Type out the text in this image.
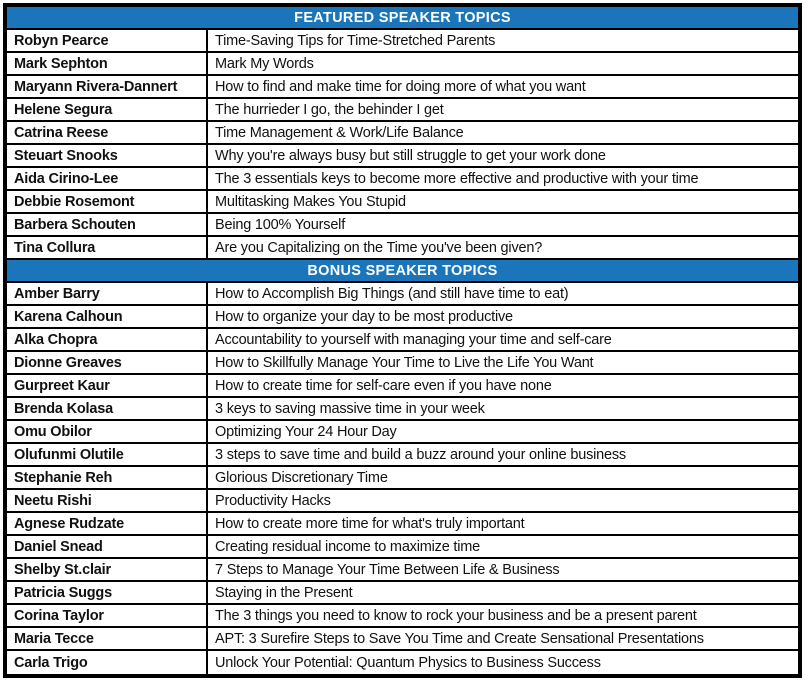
FEATURED SPEAKER TOPICS
Robyn Pearce	Time-Saving Tips for Time-Stretched Parents
Mark Sephton	Mark My Words
Maryann Rivera-Dannert	How to find and make time for doing more of what you want
Helene Segura	The hurrieder I go, the behinder I get
Catrina Reese	Time Management & Work/Life Balance
Steuart Snooks	Why you're always busy but still struggle to get your work done
Aida Cirino-Lee	The 3 essentials keys to become more effective and productive with your time
Debbie Rosemont	Multitasking Makes You Stupid
Barbera Schouten	Being 100% Yourself
Tina Collura	Are you Capitalizing on the Time you've been given?
BONUS SPEAKER TOPICS
Amber Barry	How to Accomplish Big Things (and still have time to eat)
Karena Calhoun	How to organize your day to be most productive
Alka Chopra	Accountability to yourself with managing your time and self-care
Dionne Greaves	How to Skillfully Manage Your Time to Live the Life You Want
Gurpreet Kaur	How to create time for self-care even if you have none
Brenda Kolasa	3 keys to saving massive time in your week
Omu Obilor	Optimizing Your 24 Hour Day
Olufunmi Olutile	3 steps to save time and build a buzz around your online business
Stephanie Reh	Glorious Discretionary Time
Neetu Rishi	Productivity Hacks
Agnese Rudzate	How to create more time for what's truly important
Daniel Snead	Creating residual income to maximize time
Shelby St.clair	7 Steps to Manage Your Time Between Life & Business
Patricia Suggs	Staying in the Present
Corina Taylor	The 3 things you need to know to rock your business and be a present parent
Maria Tecce	APT: 3 Surefire Steps to Save You Time and Create Sensational Presentations
Carla Trigo	Unlock Your Potential: Quantum Physics to Business Success
